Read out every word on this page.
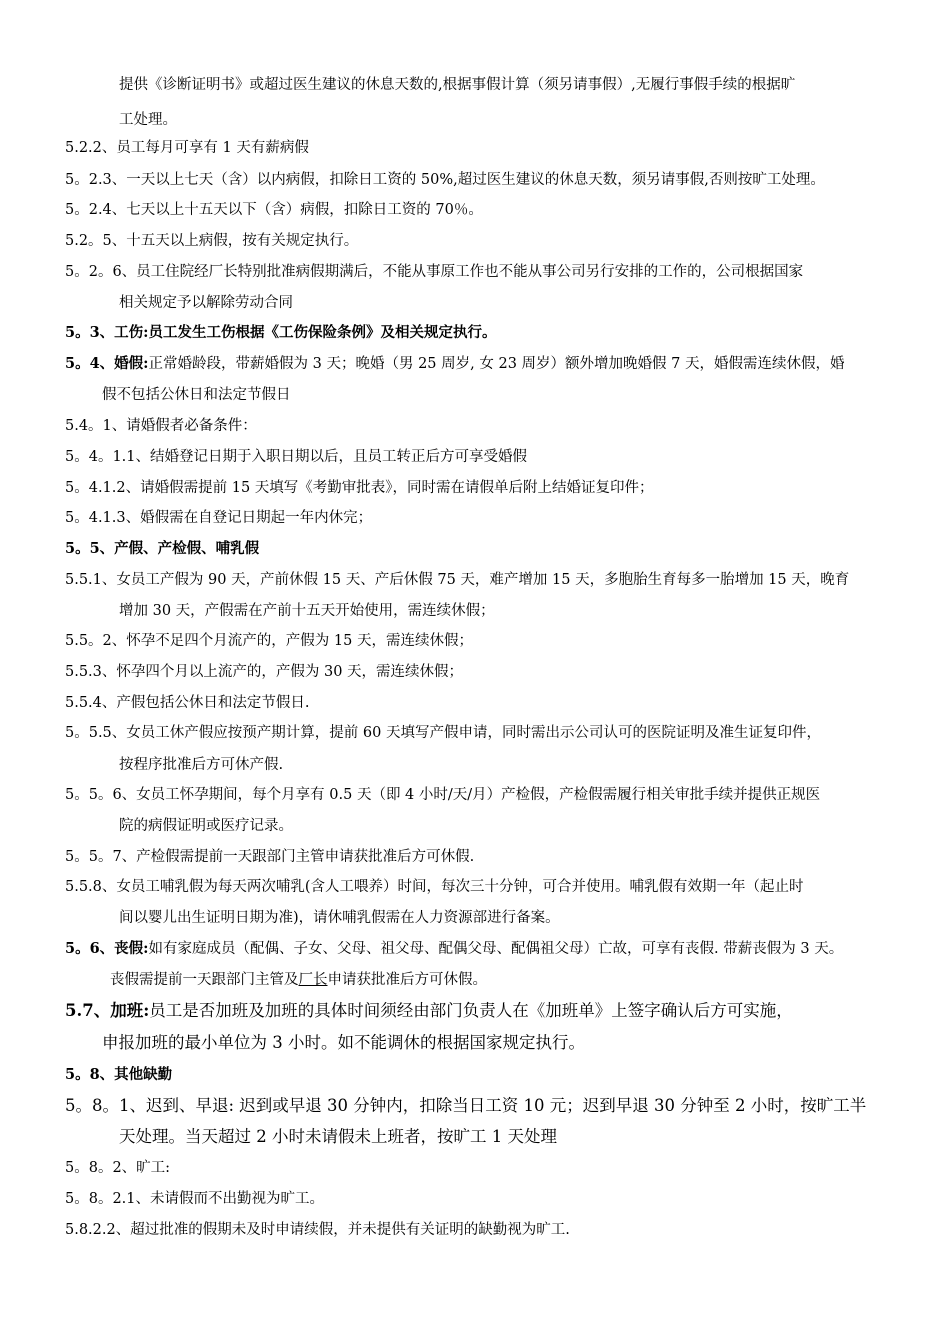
提供《诊断证明书》或超过医生建议的休息天数的,根据事假计算（须另请事假）,无履行事假手续的根据旷
工处理。
5.2.2、员工每月可享有 1 天有薪病假
5。2.3、一天以上七天（含）以内病假，扣除日工资的 50%,超过医生建议的休息天数，须另请事假,否则按旷工处理。
5。2.4、七天以上十五天以下（含）病假，扣除日工资的 70％。
5.2。5、十五天以上病假，按有关规定执行。
5。2。6、员工住院经厂长特别批准病假期满后，不能从事原工作也不能从事公司另行安排的工作的，公司根据国家
相关规定予以解除劳动合同
5。3、工伤:员工发生工伤根据《工伤保险条例》及相关规定执行。
5。4、婚假:正常婚龄段，带薪婚假为 3 天；晚婚（男 25 周岁, 女 23 周岁）额外增加晚婚假 7 天，婚假需连续休假，婚
假不包括公休日和法定节假日
5.4。1、请婚假者必备条件：
5。4。1.1、结婚登记日期于入职日期以后，且员工转正后方可享受婚假
5。4.1.2、请婚假需提前 15 天填写《考勤审批表》，同时需在请假单后附上结婚证复印件；
5。4.1.3、婚假需在自登记日期起一年内休完；
5。5、产假、产检假、哺乳假
5.5.1、女员工产假为 90 天，产前休假 15 天、产后休假 75 天，难产增加 15 天，多胞胎生育每多一胎增加 15 天，晚育
增加 30 天，产假需在产前十五天开始使用，需连续休假；
5.5。2、怀孕不足四个月流产的，产假为 15 天，需连续休假；
5.5.3、怀孕四个月以上流产的，产假为 30 天，需连续休假；
5.5.4、产假包括公休日和法定节假日.
5。5.5、女员工休产假应按预产期计算，提前 60 天填写产假申请，同时需出示公司认可的医院证明及准生证复印件，
按程序批准后方可休产假.
5。5。6、女员工怀孕期间，每个月享有 0.5 天（即 4 小时/天/月）产检假，产检假需履行相关审批手续并提供正规医
院的病假证明或医疗记录。
5。5。7、产检假需提前一天跟部门主管申请获批准后方可休假.
5.5.8、女员工哺乳假为每天两次哺乳(含人工喂养）时间，每次三十分钟，可合并使用。哺乳假有效期一年（起止时
间以婴儿出生证明日期为准)，请休哺乳假需在人力资源部进行备案。
5。6、丧假:如有家庭成员（配偶、子女、父母、祖父母、配偶父母、配偶祖父母）亡故，可享有丧假. 带薪丧假为 3 天。
丧假需提前一天跟部门主管及厂长申请获批准后方可休假。
5.7、加班:员工是否加班及加班的具体时间须经由部门负责人在《加班单》上签字确认后方可实施，
申报加班的最小单位为 3 小时。如不能调休的根据国家规定执行。
5。8、其他缺勤
5。8。1、迟到、早退: 迟到或早退 30 分钟内，扣除当日工资 10 元；迟到早退 30 分钟至 2 小时，按旷工半
天处理。当天超过 2 小时未请假未上班者，按旷工 1 天处理
5。8。2、旷工:
5。8。2.1、未请假而不出勤视为旷工。
5.8.2.2、超过批准的假期未及时申请续假，并未提供有关证明的缺勤视为旷工.
